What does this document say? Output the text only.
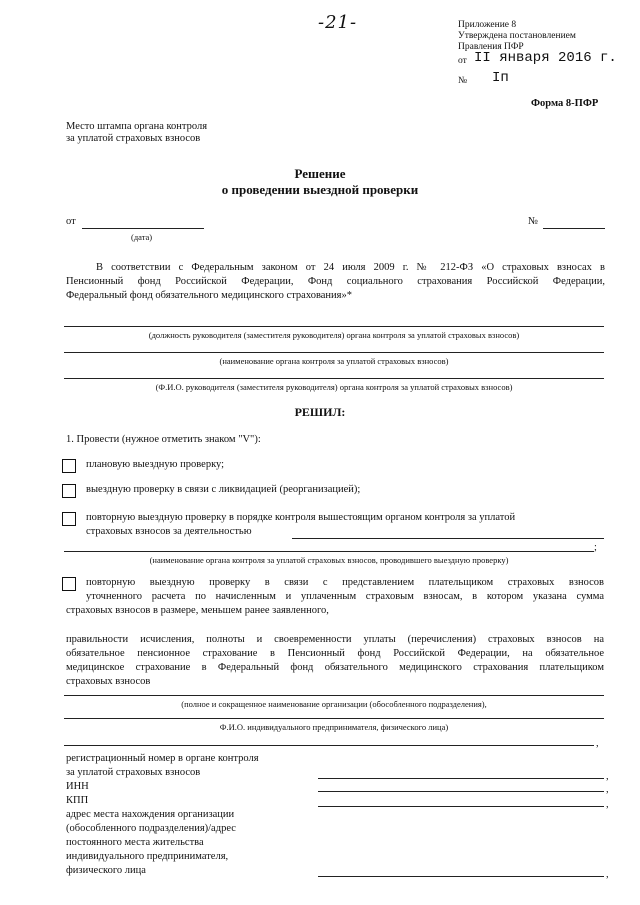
-21-	Приложение 8
Утверждена постановлением
Правления ПФР
от II января 2016 г.
№ Iп
Форма 8-ПФР
Место штампа органа контроля
за уплатой страховых взносов
Решение
о проведении выездной проверки
от
(дата)
№
В соответствии с Федеральным законом от 24 июля 2009 г. № 212-ФЗ «О страховых взносах в
Пенсионный фонд Российской Федерации, Фонд социального страхования Российской Федерации,
Федеральный фонд обязательного медицинского страхования»*
(должность руководителя (заместителя руководителя) органа контроля за уплатой страховых взносов)
(наименование органа контроля за уплатой страховых взносов)
(Ф.И.О. руководителя (заместителя руководителя) органа контроля за уплатой страховых взносов)
РЕШИЛ:
1. Провести (нужное отметить знаком "V"):
плановую выездную проверку;
выездную проверку в связи с ликвидацией (реорганизацией);
повторную выездную проверку в порядке контроля вышестоящим органом контроля за уплатой
страховых взносов за деятельностью
;
(наименование органа контроля за уплатой страховых взносов, проводившего выездную проверку)
повторную выездную проверку в связи с представлением плательщиком страховых взносов
уточненного расчета по начисленным и уплаченным страховым взносам, в котором указана сумма
страховых взносов в размере, меньшем ранее заявленного,
правильности исчисления, полноты и своевременности уплаты (перечисления) страховых взносов на
обязательное пенсионное страхование в Пенсионный фонд Российской Федерации, на обязательное
медицинское страхование в Федеральный фонд обязательного медицинского страхования плательщиком
страховых взносов
(полное и сокращенное наименование организации (обособленного подразделения),
Ф.И.О. индивидуального предпринимателя, физического лица)
,
регистрационный номер в органе контроля
за уплатой страховых взносов	,
ИНН	,
КПП	,
адрес места нахождения организации
(обособленного подразделения)/адрес
постоянного места жительства
индивидуального предпринимателя,
физического лица	,
